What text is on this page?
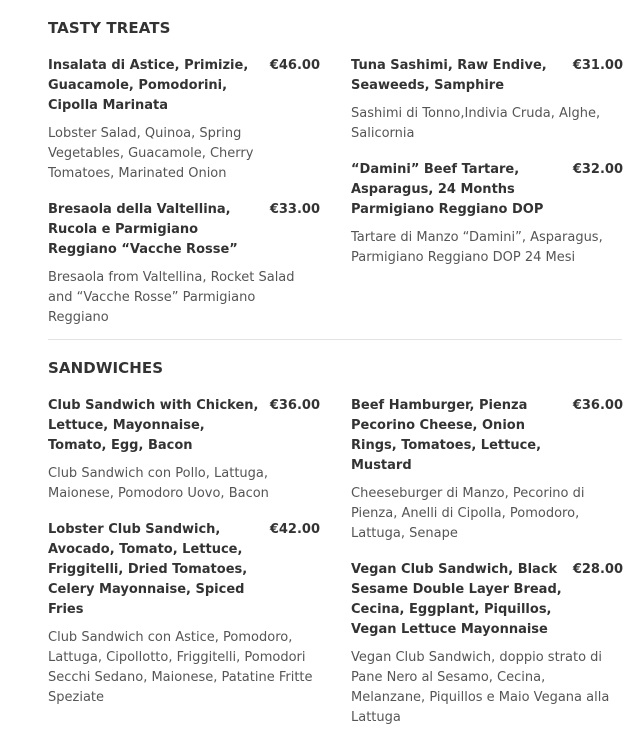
TASTY TREATS
Insalata di Astice, Primizie, Guacamole, Pomodorini, Cipolla Marinata
€46.00
Lobster Salad, Quinoa, Spring Vegetables, Guacamole, Cherry Tomatoes, Marinated Onion
Bresaola della Valtellina, Rucola e Parmigiano Reggiano “Vacche Rosse”
€33.00
Bresaola from Valtellina, Rocket Salad and “Vacche Rosse” Parmigiano Reggiano
Tuna Sashimi, Raw Endive, Seaweeds, Samphire
€31.00
Sashimi di Tonno,Indivia Cruda, Alghe, Salicornia
“Damini” Beef Tartare, Asparagus, 24 Months Parmigiano Reggiano DOP
€32.00
Tartare di Manzo “Damini”, Asparagus, Parmigiano Reggiano DOP 24 Mesi
SANDWICHES
Club Sandwich with Chicken, Lettuce, Mayonnaise, Tomato, Egg, Bacon
€36.00
Club Sandwich con Pollo, Lattuga, Maionese, Pomodoro Uovo, Bacon
Lobster Club Sandwich, Avocado, Tomato, Lettuce, Friggitelli, Dried Tomatoes, Celery Mayonnaise, Spiced Fries
€42.00
Club Sandwich con Astice, Pomodoro, Lattuga, Cipollotto, Friggitelli, Pomodori Secchi Sedano, Maionese, Patatine Fritte Speziate
Beef Hamburger, Pienza Pecorino Cheese, Onion Rings, Tomatoes, Lettuce, Mustard
€36.00
Cheeseburger di Manzo, Pecorino di Pienza, Anelli di Cipolla, Pomodoro, Lattuga, Senape
Vegan Club Sandwich, Black Sesame Double Layer Bread, Cecina, Eggplant, Piquillos, Vegan Lettuce Mayonnaise
€28.00
Vegan Club Sandwich, doppio strato di Pane Nero al Sesamo, Cecina, Melanzane, Piquillos e Maio Vegana alla Lattuga
